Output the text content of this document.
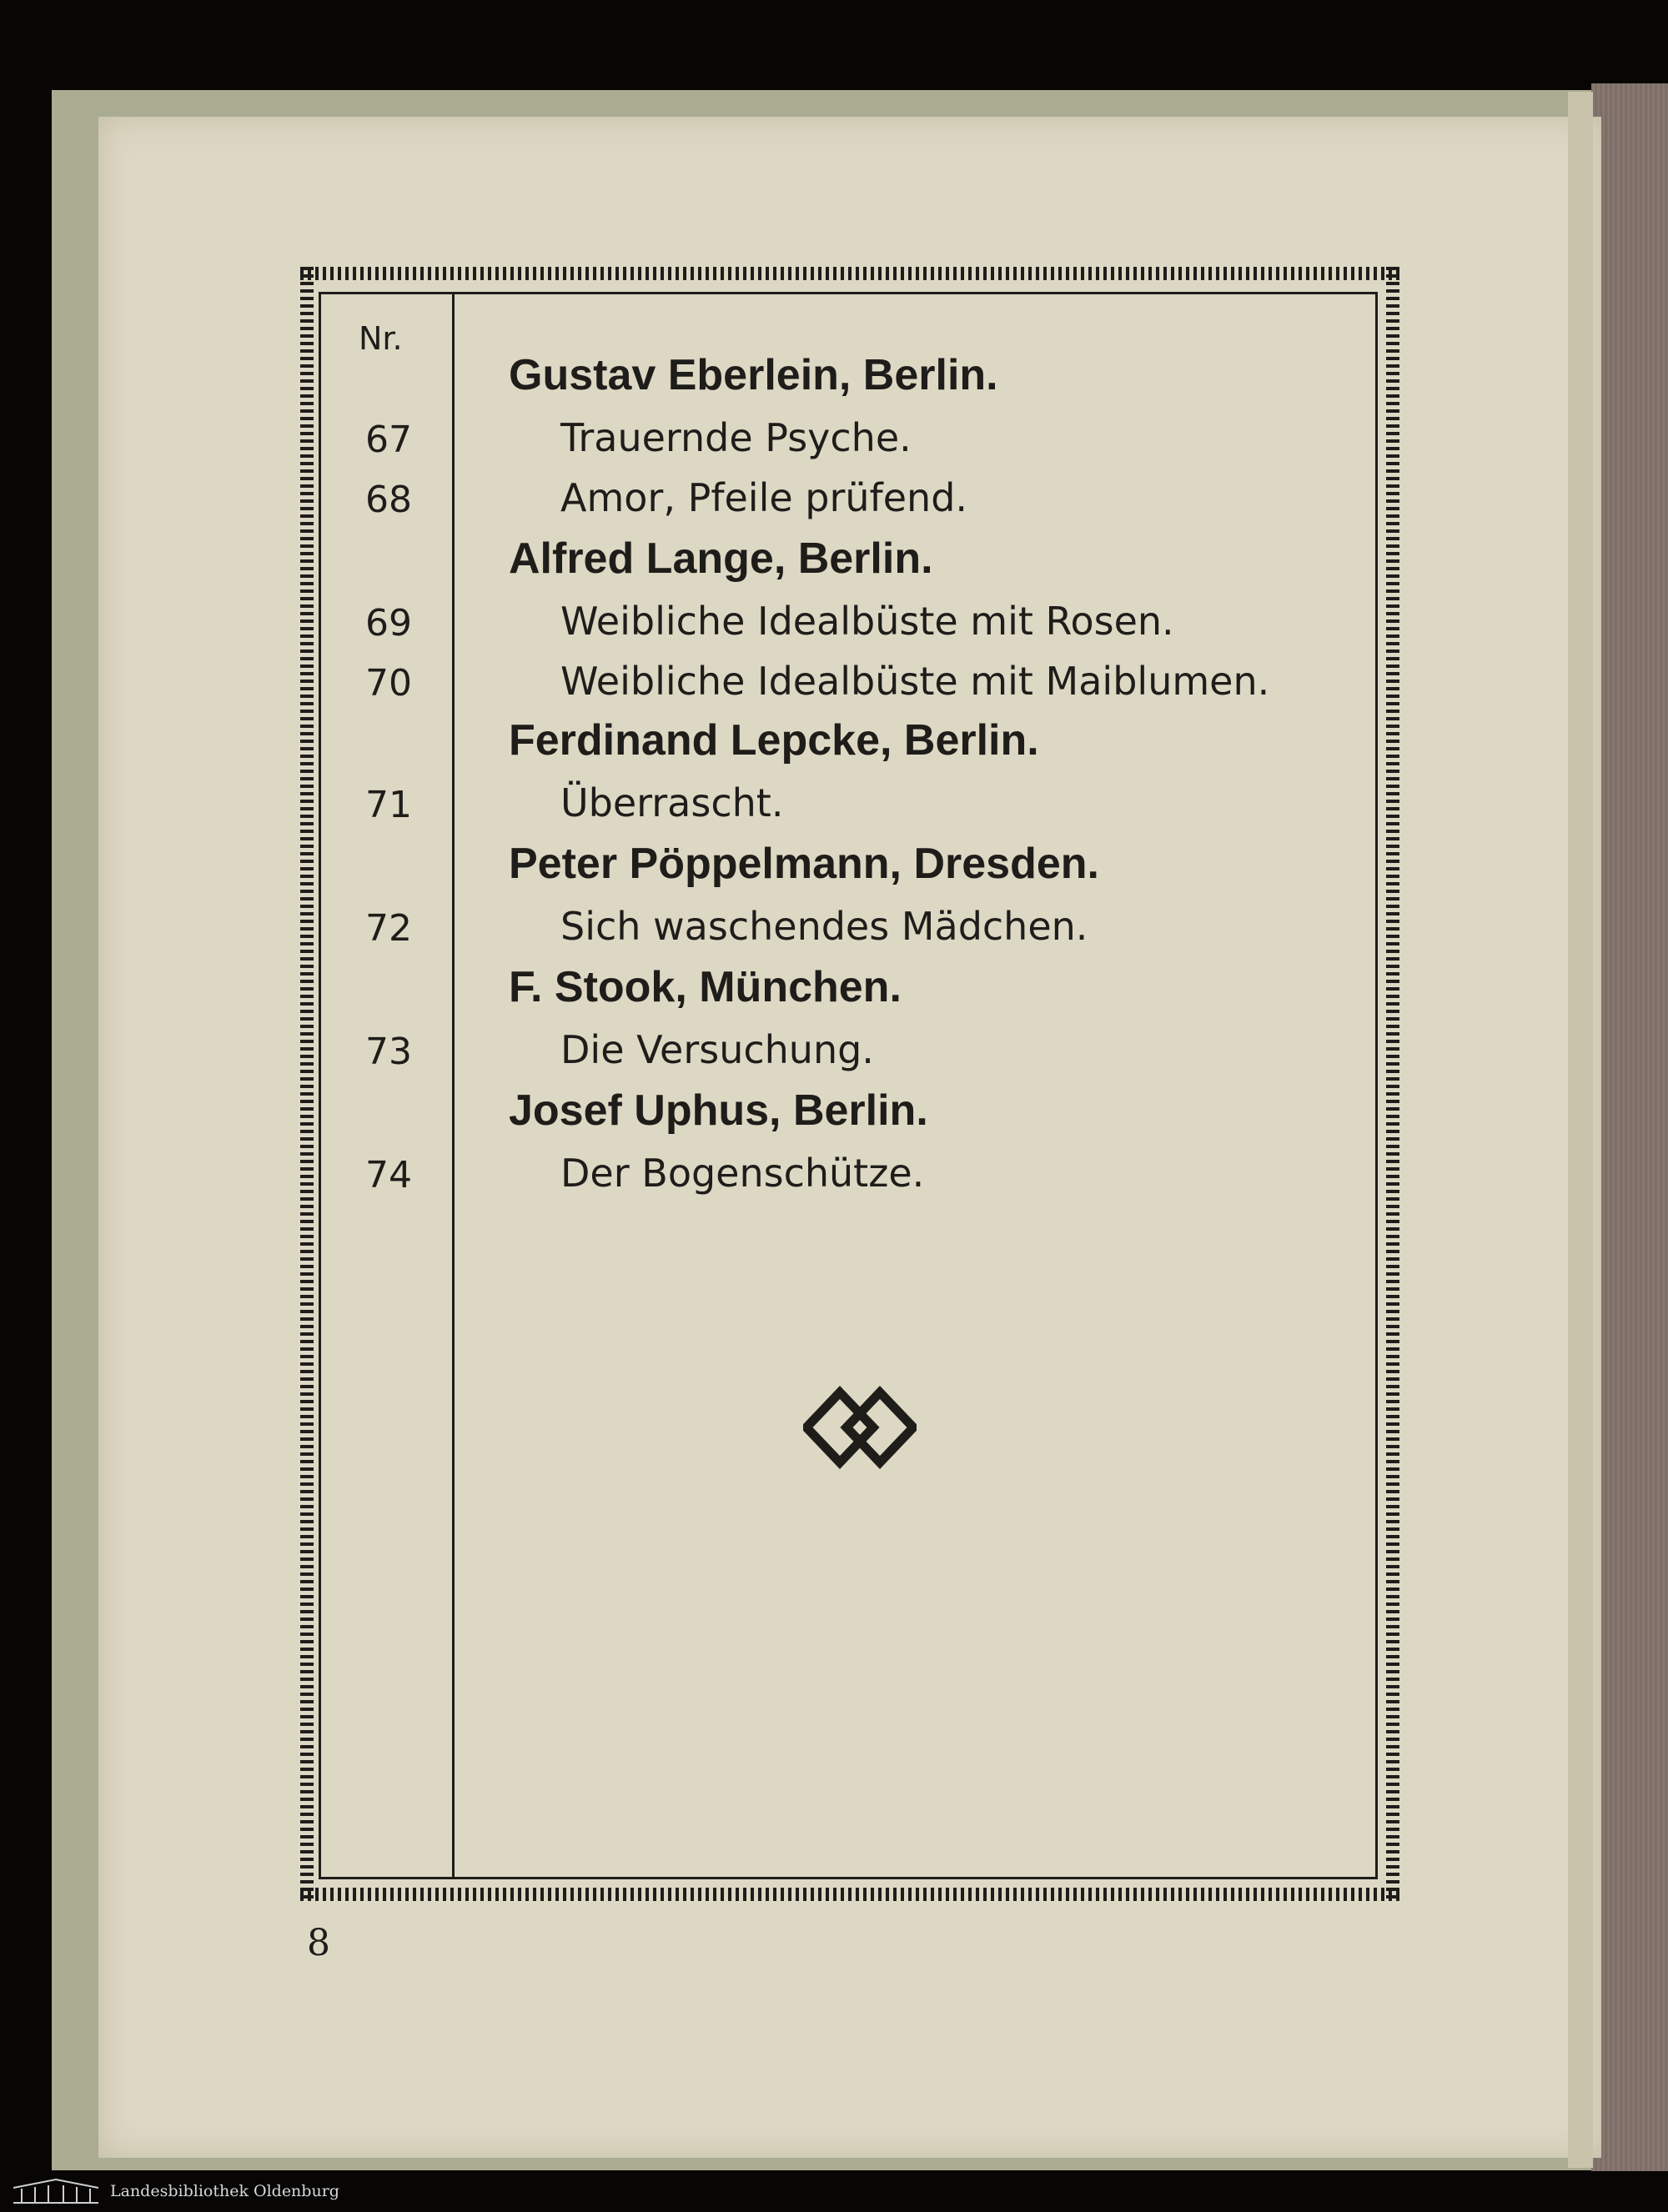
Nr.
Gustav Eberlein, Berlin.
67	Trauernde Psyche.
68	Amor, Pfeile prüfend.
Alfred Lange, Berlin.
69	Weibliche Idealbüste mit Rosen.
70	Weibliche Idealbüste mit Maiblumen.
Ferdinand Lepcke, Berlin.
71	Überrascht.
Peter Pöppelmann, Dresden.
72	Sich waschendes Mädchen.
F. Stook, München.
73	Die Versuchung.
Josef Uphus, Berlin.
74	Der Bogenschütze.
8
Landesbibliothek Oldenburg
